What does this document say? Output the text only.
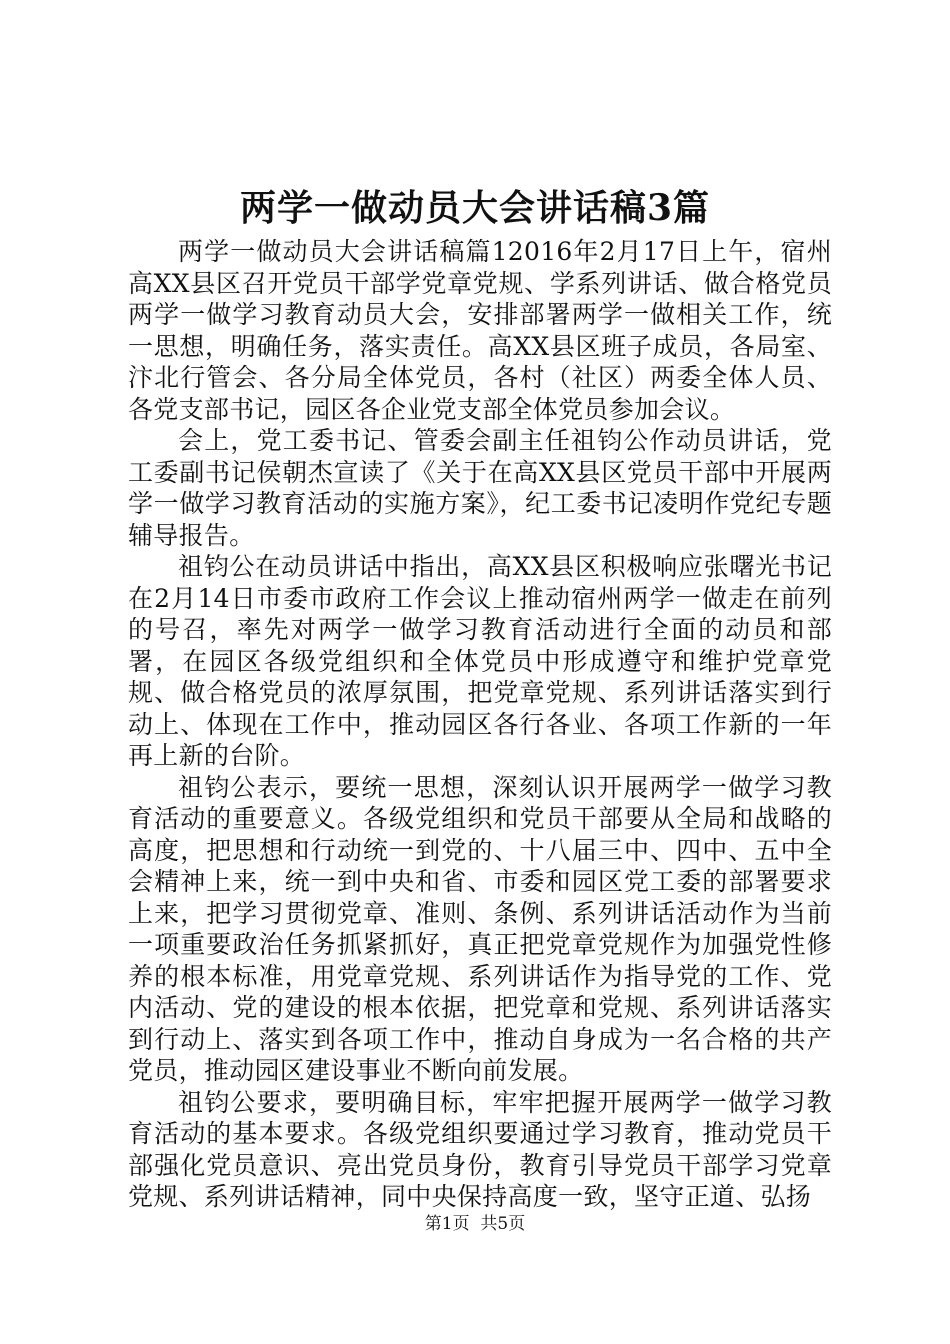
两学一做动员大会讲话稿3篇

两学一做动员大会讲话稿篇12016年2月17日上午，宿州高XX县区召开党员干部学党章党规、学系列讲话、做合格党员两学一做学习教育动员大会，安排部署两学一做相关工作，统一思想，明确任务，落实责任。高XX县区班子成员，各局室、汴北行管会、各分局全体党员，各村（社区）两委全体人员、各党支部书记，园区各企业党支部全体党员参加会议。

会上，党工委书记、管委会副主任祖钧公作动员讲话，党工委副书记侯朝杰宣读了《关于在高XX县区党员干部中开展两学一做学习教育活动的实施方案》，纪工委书记凌明作党纪专题辅导报告。

祖钧公在动员讲话中指出，高XX县区积极响应张曙光书记在2月14日市委市政府工作会议上推动宿州两学一做走在前列的号召，率先对两学一做学习教育活动进行全面的动员和部署，在园区各级党组织和全体党员中形成遵守和维护党章党规、做合格党员的浓厚氛围，把党章党规、系列讲话落实到行动上、体现在工作中，推动园区各行各业、各项工作新的一年再上新的台阶。

祖钧公表示，要统一思想，深刻认识开展两学一做学习教育活动的重要意义。各级党组织和党员干部要从全局和战略的高度，把思想和行动统一到党的、十八届三中、四中、五中全会精神上来，统一到中央和省、市委和园区党工委的部署要求上来，把学习贯彻党章、准则、条例、系列讲话活动作为当前一项重要政治任务抓紧抓好，真正把党章党规作为加强党性修养的根本标准，用党章党规、系列讲话作为指导党的工作、党内活动、党的建设的根本依据，把党章和党规、系列讲话落实到行动上、落实到各项工作中，推动自身成为一名合格的共产党员，推动园区建设事业不断向前发展。

祖钧公要求，要明确目标，牢牢把握开展两学一做学习教育活动的基本要求。各级党组织要通过学习教育，推动党员干部强化党员意识、亮出党员身份，教育引导党员干部学习党章党规、系列讲话精神，同中央保持高度一致，坚守正道、弘扬

第1页  共5页
